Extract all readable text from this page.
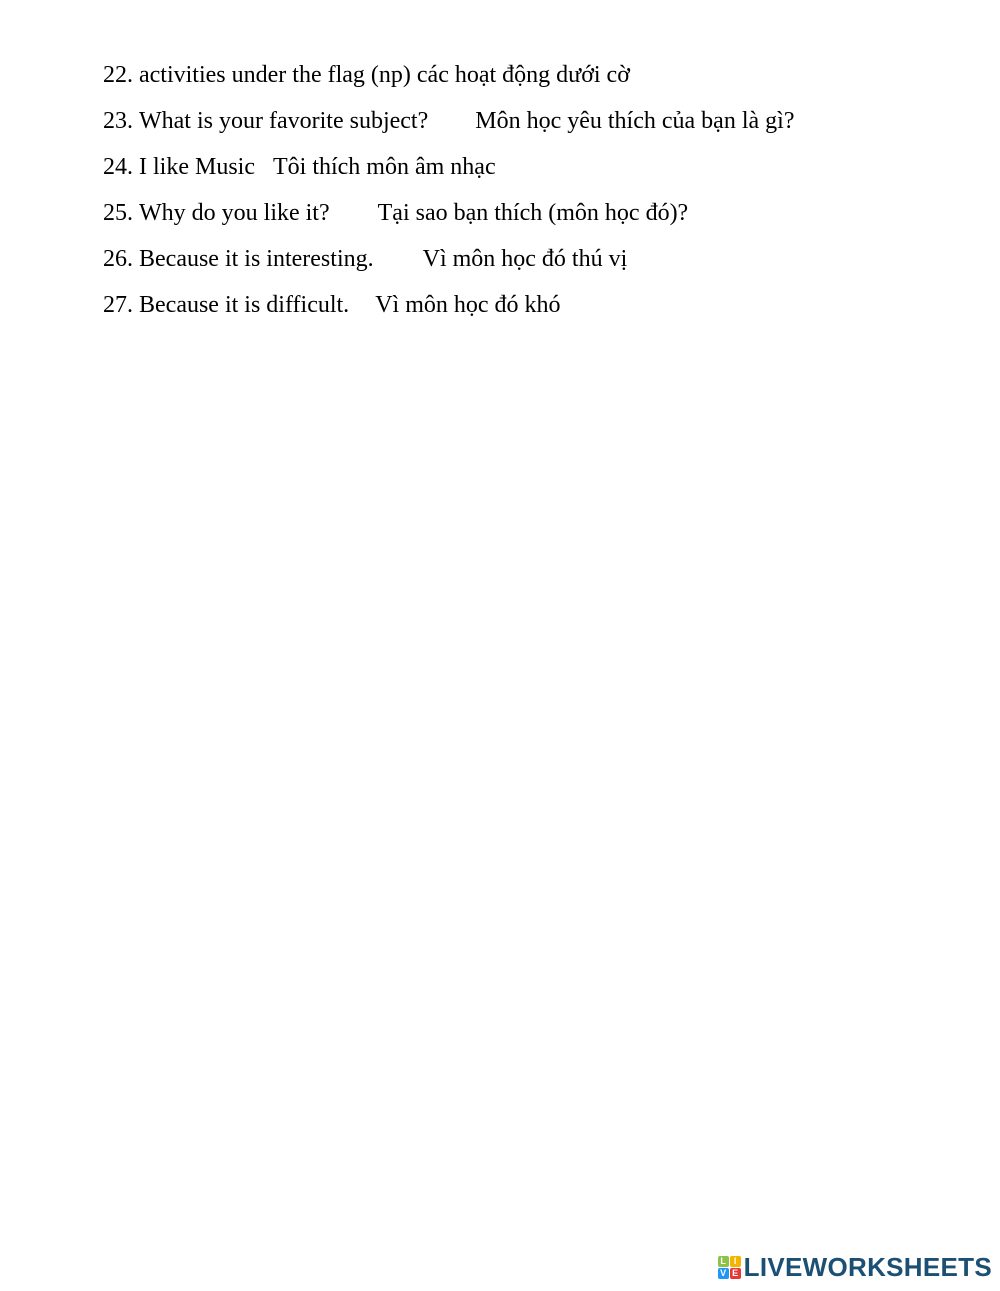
22. activities under the flag (np) các hoạt động dưới cờ
23. What is your favorite subject? Môn học yêu thích của bạn là gì?
24. I like Music Tôi thích môn âm nhạc
25. Why do you like it? Tại sao bạn thích (môn học đó)?
26. Because it is interesting. Vì môn học đó thú vị
27. Because it is difficult. Vì môn học đó khó
L I
V E LIVEWORKSHEETS
